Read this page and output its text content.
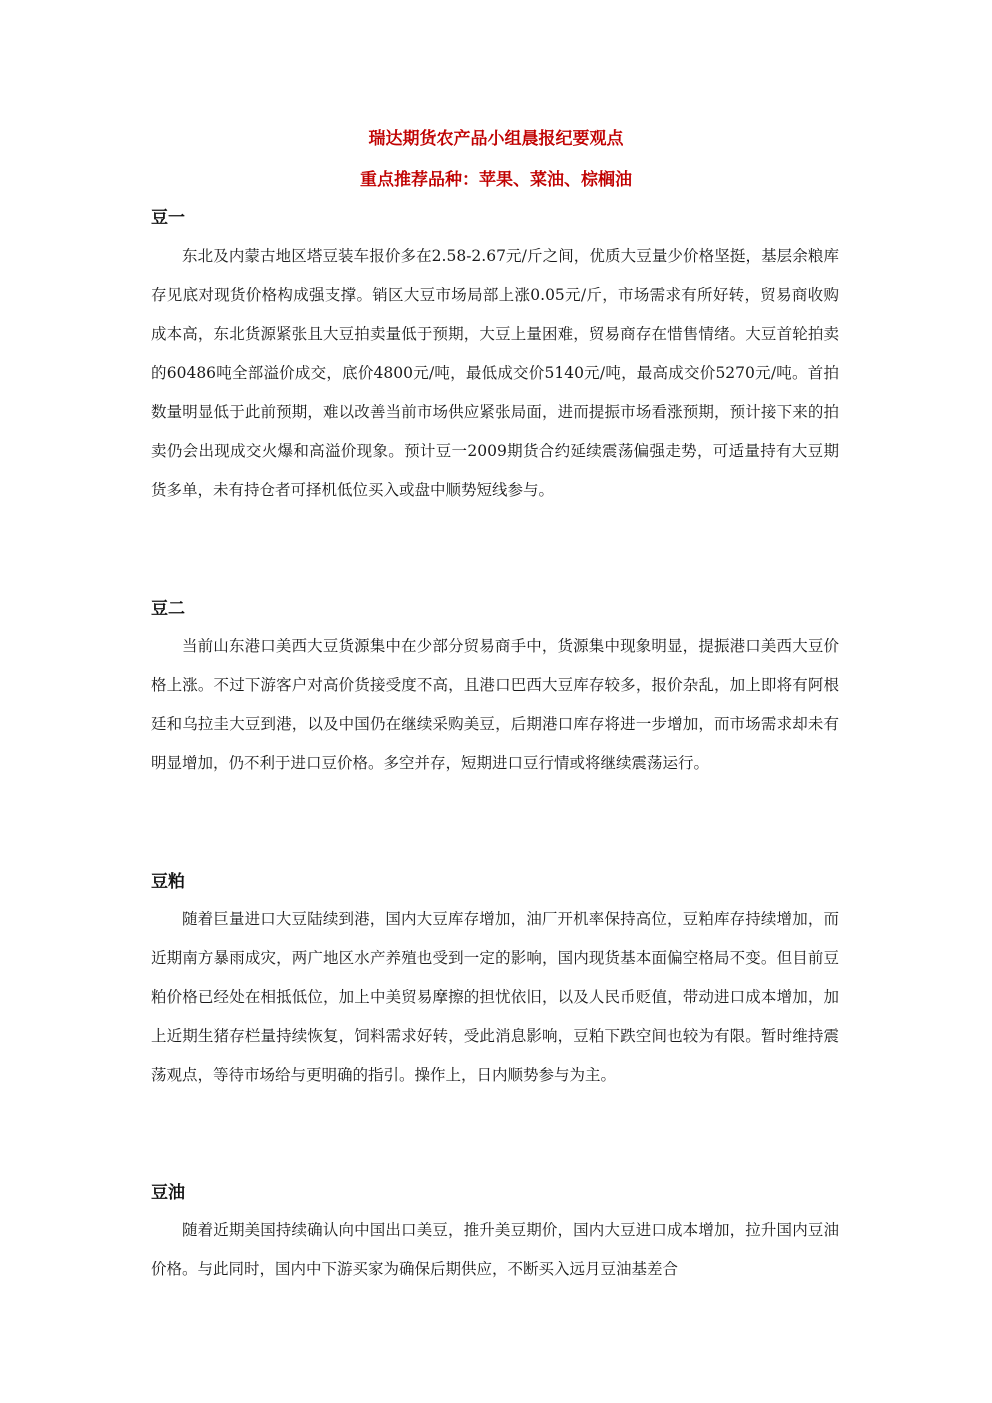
瑞达期货农产品小组晨报纪要观点
重点推荐品种：苹果、菜油、棕榈油
豆一

东北及内蒙古地区塔豆装车报价多在2.58-2.67元/斤之间，优质大豆量少价格坚挺，基层余粮库存见底对现货价格构成强支撑。销区大豆市场局部上涨0.05元/斤，市场需求有所好转，贸易商收购成本高，东北货源紧张且大豆拍卖量低于预期，大豆上量困难，贸易商存在惜售情绪。大豆首轮拍卖的60486吨全部溢价成交，底价4800元/吨，最低成交价5140元/吨，最高成交价5270元/吨。首拍数量明显低于此前预期，难以改善当前市场供应紧张局面，进而提振市场看涨预期，预计接下来的拍卖仍会出现成交火爆和高溢价现象。预计豆一2009期货合约延续震荡偏强走势，可适量持有大豆期货多单，未有持仓者可择机低位买入或盘中顺势短线参与。

豆二

当前山东港口美西大豆货源集中在少部分贸易商手中，货源集中现象明显，提振港口美西大豆价格上涨。不过下游客户对高价货接受度不高，且港口巴西大豆库存较多，报价杂乱，加上即将有阿根廷和乌拉圭大豆到港，以及中国仍在继续采购美豆，后期港口库存将进一步增加，而市场需求却未有明显增加，仍不利于进口豆价格。多空并存，短期进口豆行情或将继续震荡运行。

豆粕

随着巨量进口大豆陆续到港，国内大豆库存增加，油厂开机率保持高位，豆粕库存持续增加，而近期南方暴雨成灾，两广地区水产养殖也受到一定的影响，国内现货基本面偏空格局不变。但目前豆粕价格已经处在相抵低位，加上中美贸易摩擦的担忧依旧，以及人民币贬值，带动进口成本增加，加上近期生猪存栏量持续恢复，饲料需求好转，受此消息影响，豆粕下跌空间也较为有限。暂时维持震荡观点，等待市场给与更明确的指引。操作上，日内顺势参与为主。

豆油

随着近期美国持续确认向中国出口美豆，推升美豆期价，国内大豆进口成本增加，拉升国内豆油价格。与此同时，国内中下游买家为确保后期供应，不断买入远月豆油基差合
